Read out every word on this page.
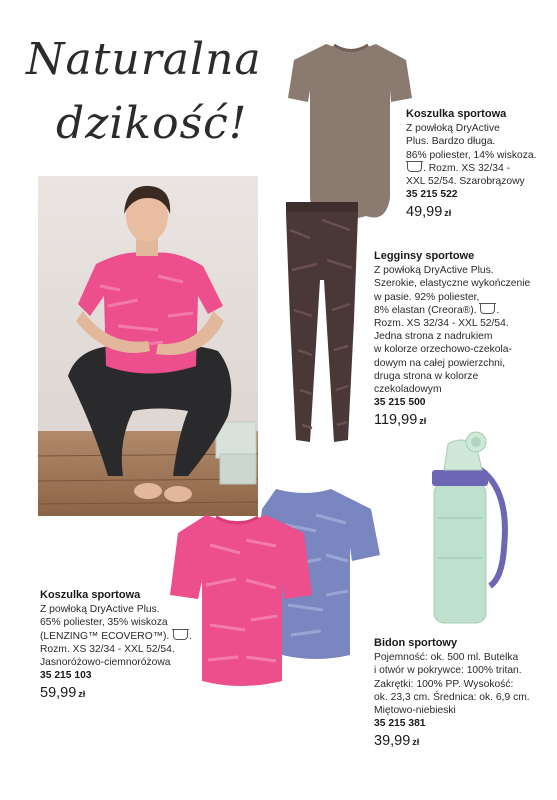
Naturalna
dzikość!	Koszulka sportowa
Z powłoką DryActive
Plus. Bardzo długa.
86% poliester, 14% wiskoza.
. Rozm. XS 32/34 -
XXL 52/54. Szarobrązowy
35 215 522
49,99 zł
Legginsy sportowe
Z powłoką DryActive Plus.
Szerokie, elastyczne wykończenie
w pasie. 92% poliester,
8% elastan (Creora®). .
Rozm. XS 32/34 - XXL 52/54.
Jedna strona z nadrukiem
w kolorze orzechowo-czekola-
dowym na całej powierzchni,
druga strona w kolorze
czekoladowym
35 215 500
119,99 zł
Koszulka sportowa
Z powłoką DryActive Plus.
65% poliester, 35% wiskoza
(LENZING™ ECOVERO™). .
Rozm. XS 32/34 - XXL 52/54.
Jasnoróżowo-ciemnoróżowa
35 215 103
59,99 zł
Bidon sportowy
Pojemność: ok. 500 ml. Butelka
i otwór w pokrywce: 100% tritan.
Zakrętki: 100% PP. Wysokość:
ok. 23,3 cm. Średnica: ok. 6,9 cm.
Miętowo-niebieski
35 215 381
39,99 zł
